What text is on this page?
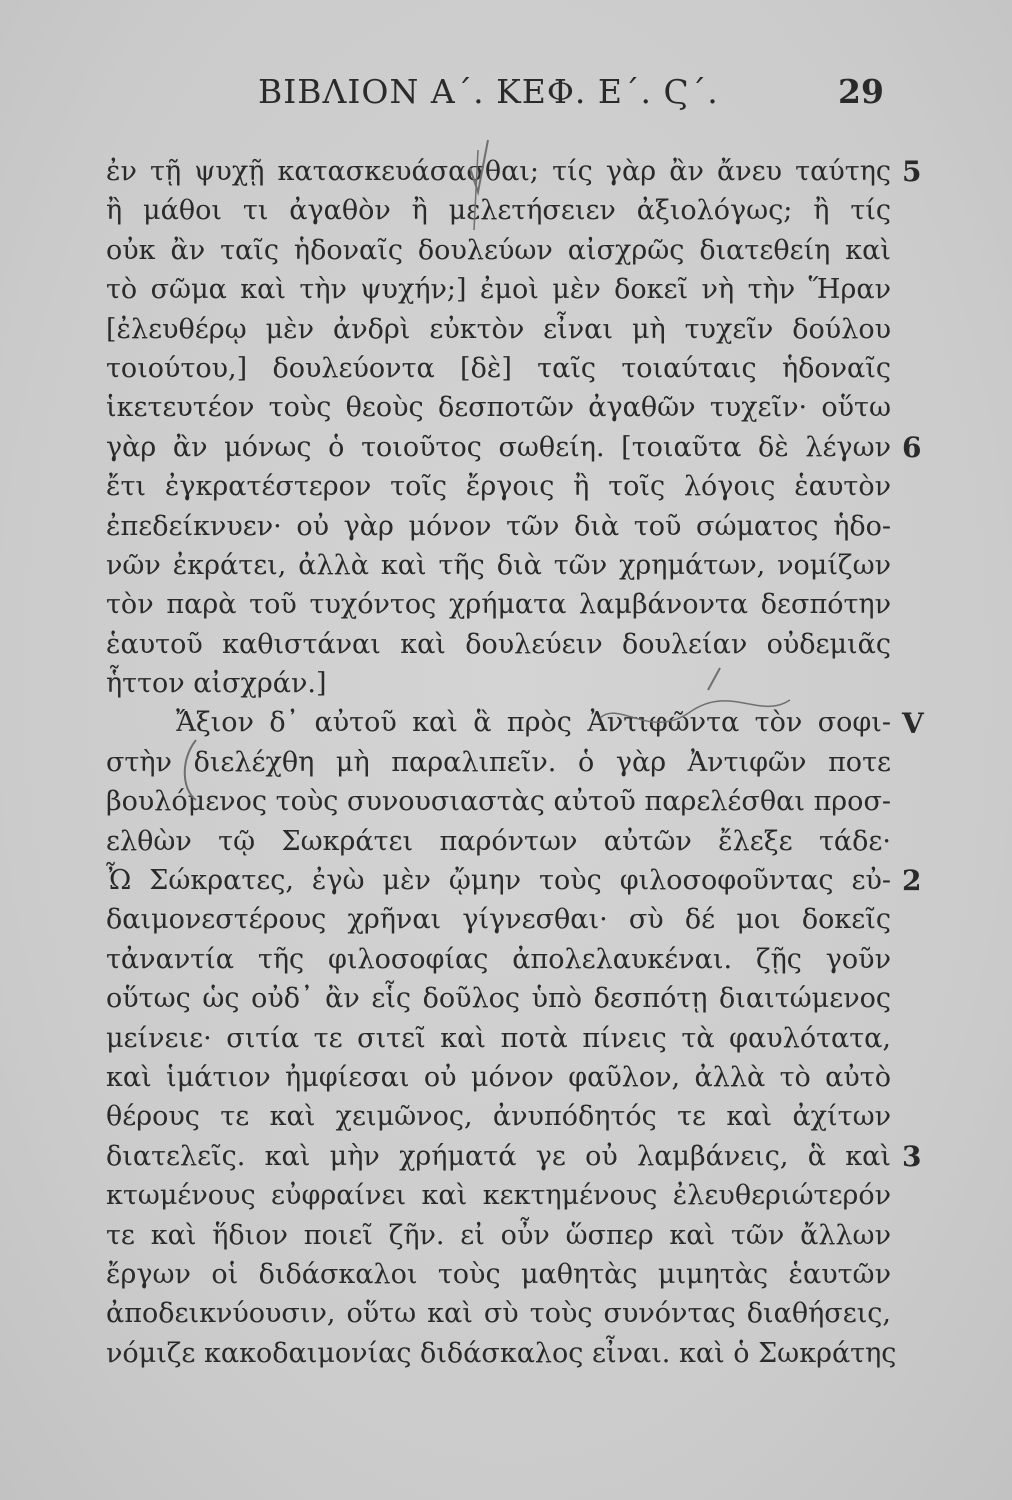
ΒΙΒΛΙΟΝ Α΄. ΚΕΦ. Ε΄. Ϛ΄.	29
ἐν τῇ ψυχῇ κατασκευάσασθαι; τίς γὰρ ἂν ἄνευ ταύτης
ἢ μάθοι τι ἀγαθὸν ἢ μελετήσειεν ἀξιολόγως; ἢ τίς
οὐκ ἂν ταῖς ἡδοναῖς δουλεύων αἰσχρῶς διατεθείη καὶ
τὸ σῶμα καὶ τὴν ψυχήν;] ἐμοὶ μὲν δοκεῖ νὴ τὴν Ἥραν
[ἐλευθέρῳ μὲν ἀνδρὶ εὐκτὸν εἶναι μὴ τυχεῖν δούλου
τοιούτου,] δουλεύοντα [δὲ] ταῖς τοιαύταις ἡδοναῖς
ἱκετευτέον τοὺς θεοὺς δεσποτῶν ἀγαθῶν τυχεῖν· οὕτω
γὰρ ἂν μόνως ὁ τοιοῦτος σωθείη. [τοιαῦτα δὲ λέγων
ἔτι ἐγκρατέστερον τοῖς ἔργοις ἢ τοῖς λόγοις ἑαυτὸν
ἐπεδείκνυεν· οὐ γὰρ μόνον τῶν διὰ τοῦ σώματος ἡδο-
νῶν ἐκράτει, ἀλλὰ καὶ τῆς διὰ τῶν χρημάτων, νομίζων
τὸν παρὰ τοῦ τυχόντος χρήματα λαμβάνοντα δεσπότην
ἑαυτοῦ καθιστάναι καὶ δουλεύειν δουλείαν οὐδεμιᾶς
ἧττον αἰσχράν.]
Ἄξιον δ᾿ αὐτοῦ καὶ ἃ πρὸς Ἀντιφῶντα τὸν σοφι-
στὴν διελέχθη μὴ παραλιπεῖν. ὁ γὰρ Ἀντιφῶν ποτε
βουλόμενος τοὺς συνουσιαστὰς αὐτοῦ παρελέσθαι προσ-
ελθὼν τῷ Σωκράτει παρόντων αὐτῶν ἔλεξε τάδε·
Ὦ Σώκρατες, ἐγὼ μὲν ᾤμην τοὺς φιλοσοφοῦντας εὐ-
δαιμονεστέρους χρῆναι γίγνεσθαι· σὺ δέ μοι δοκεῖς
τἀναντία τῆς φιλοσοφίας ἀπολελαυκέναι. ζῇς γοῦν
οὕτως ὡς οὐδ᾿ ἂν εἷς δοῦλος ὑπὸ δεσπότῃ διαιτώμενος
μείνειε· σιτία τε σιτεῖ καὶ ποτὰ πίνεις τὰ φαυλότατα,
καὶ ἱμάτιον ἠμφίεσαι οὐ μόνον φαῦλον, ἀλλὰ τὸ αὐτὸ
θέρους τε καὶ χειμῶνος, ἀνυπόδητός τε καὶ ἀχίτων
διατελεῖς. καὶ μὴν χρήματά γε οὐ λαμβάνεις, ἃ καὶ
κτωμένους εὐφραίνει καὶ κεκτημένους ἐλευθεριώτερόν
τε καὶ ἥδιον ποιεῖ ζῆν. εἰ οὖν ὥσπερ καὶ τῶν ἄλλων
ἔργων οἱ διδάσκαλοι τοὺς μαθητὰς μιμητὰς ἑαυτῶν
ἀποδεικνύουσιν, οὕτω καὶ σὺ τοὺς συνόντας διαθήσεις,
νόμιζε κακοδαιμονίας διδάσκαλος εἶναι. καὶ ὁ Σωκράτης
5
6
V
2
3
